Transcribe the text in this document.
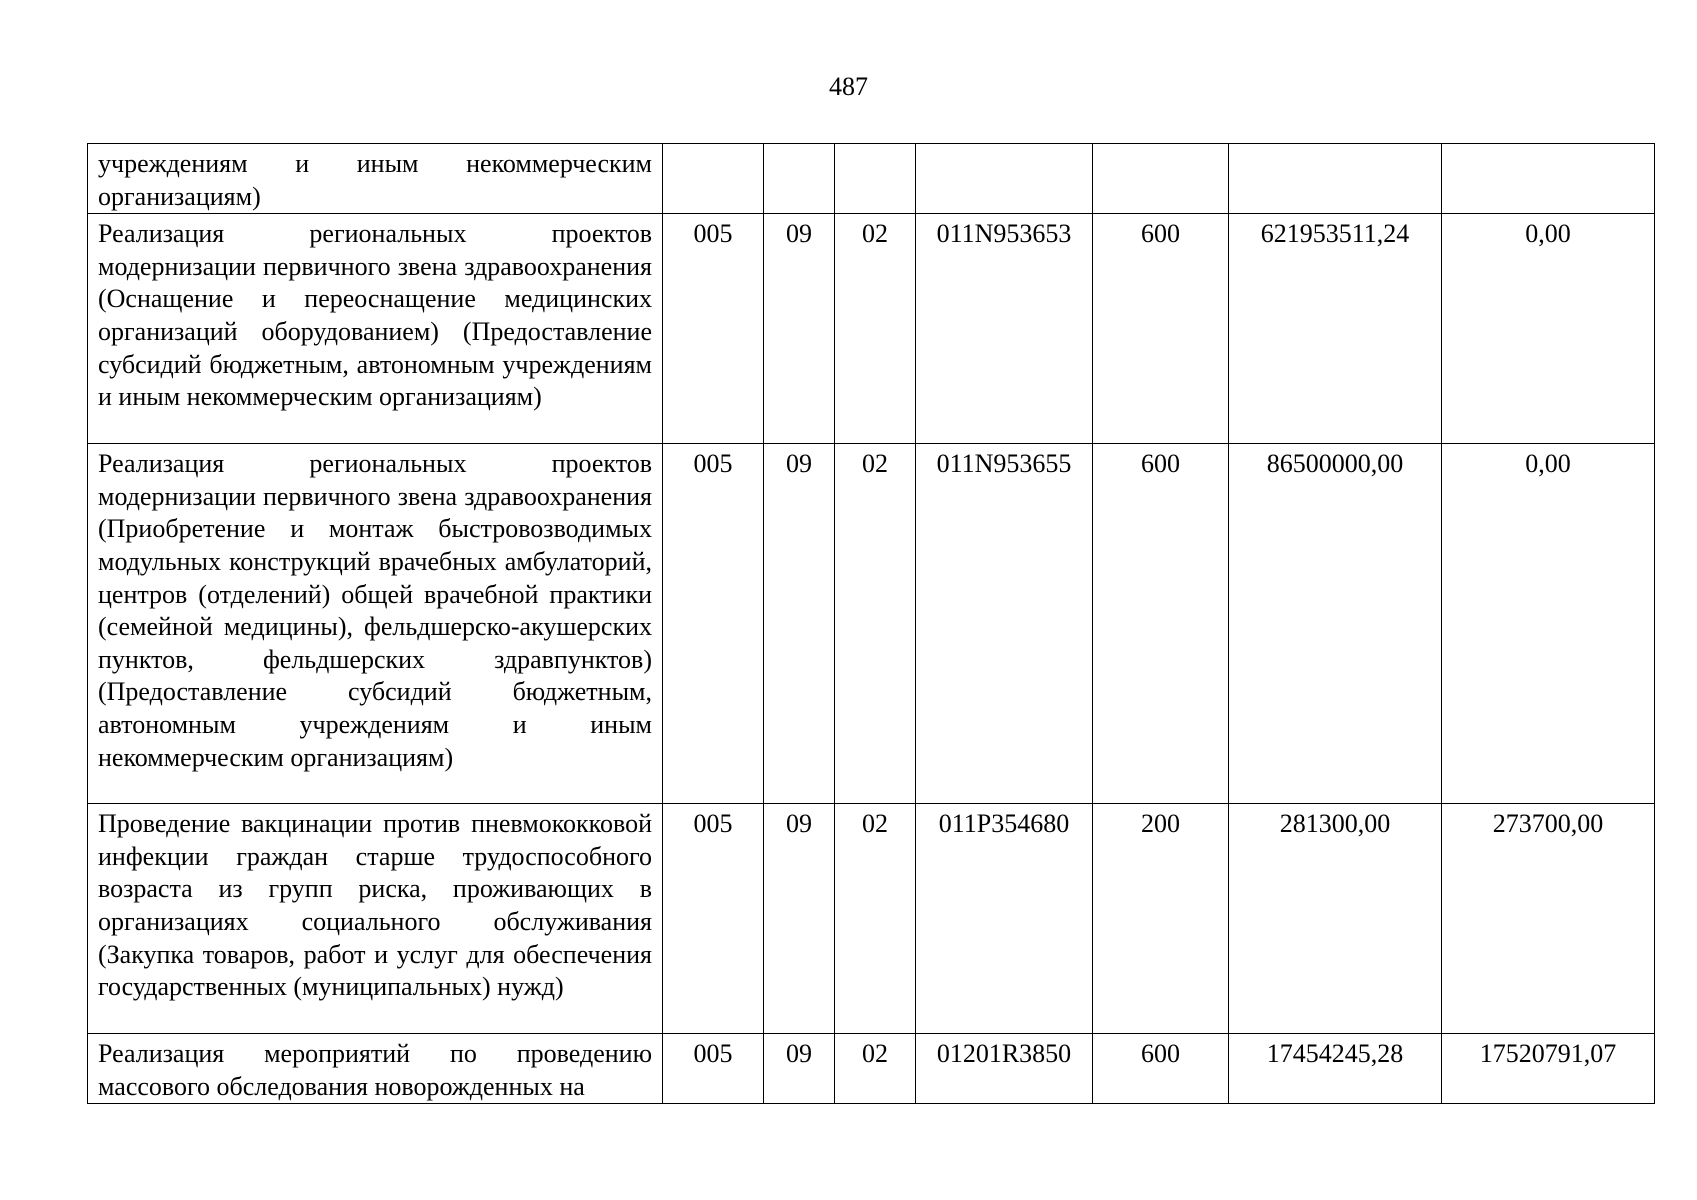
487
учреждениям и иным некоммерческим организациям)							
Реализация региональных проектов модернизации первичного звена здравоохранения (Оснащение и переоснащение медицинских организаций оборудованием) (Предоставление субсидий бюджетным, автономным учреждениям и иным некоммерческим организациям)	005	09	02	011N953653	600	621953511,24	0,00
Реализация региональных проектов модернизации первичного звена здравоохранения (Приобретение и монтаж быстровозводимых модульных конструкций врачебных амбулаторий, центров (отделений) общей врачебной практики (семейной медицины), фельдшерско-акушерских пунктов, фельдшерских здравпунктов) (Предоставление субсидий бюджетным, автономным учреждениям и иным некоммерческим организациям)	005	09	02	011N953655	600	86500000,00	0,00
Проведение вакцинации против пневмококковой инфекции граждан старше трудоспособного возраста из групп риска, проживающих в организациях социального обслуживания (Закупка товаров, работ и услуг для обеспечения государственных (муниципальных) нужд)	005	09	02	011P354680	200	281300,00	273700,00
Реализация мероприятий по проведению массового обследования новорожденных на	005	09	02	01201R3850	600	17454245,28	17520791,07
